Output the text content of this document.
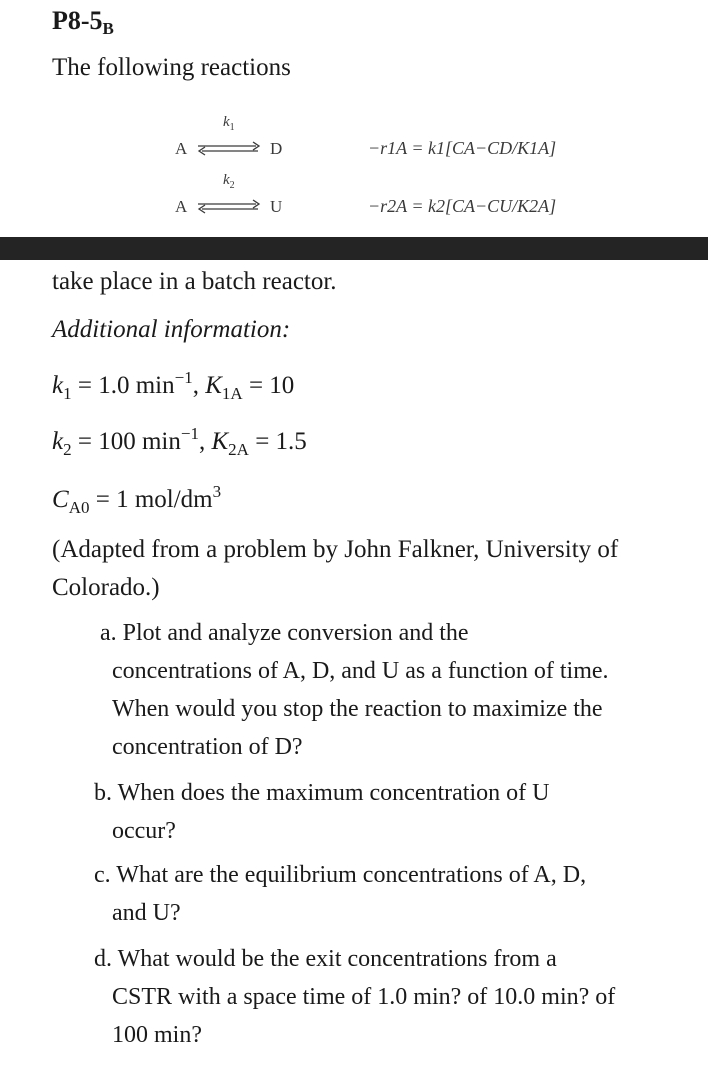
$P8-5_B$
The following reactions
A
$k_1$
⇌ D	−r1A = k1[CA−CD/K1A]
A
$k_2$
⇌ U	−r2A = k2[CA−CU/K2A]
take place in a batch reactor.
Additional information:
$k_1 = 1.0$ $\min^{-1}$, $K_{1A} = 10$
$k_2 = 100$ $\min^{-1}$, $K_{2A} = 1.5$
$C_{A0} = 1$ mol/$dm^3$
(Adapted from a problem by John Falkner, University of
Colorado.)
a. Plot and analyze conversion and the
concentrations of A, D, and U as a function of time.
When would you stop the reaction to maximize the
concentration of D?
b. When does the maximum concentration of U
occur?
c. What are the equilibrium concentrations of A, D,
and U?
d. What would be the exit concentrations from a
CSTR with a space time of 1.0 min? of 10.0 min? of
100 min?
